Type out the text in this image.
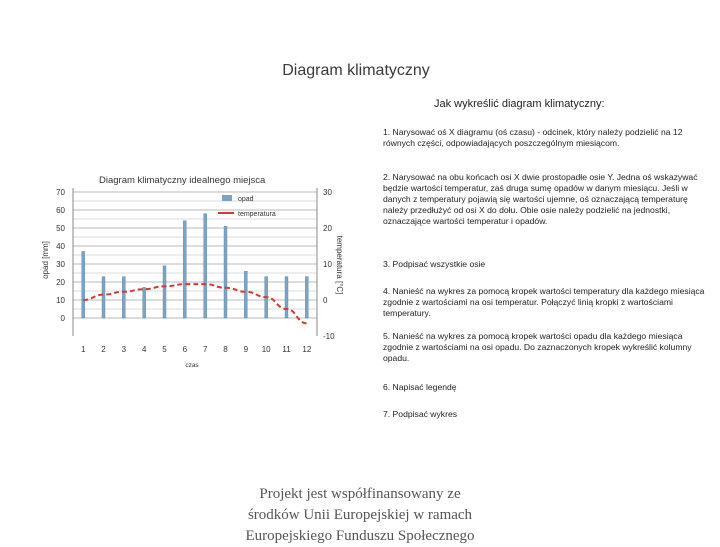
Diagram klimatyczny
Jak wykreślić diagram klimatyczny:
1. Narysować oś X diagramu (oś czasu) - odcinek, który należy podzielić na 12 równych części, odpowiadających poszczególnym miesiącom.
2. Narysować na obu końcach osi X dwie prostopadłe osie Y. Jedna oś wskazywać będzie wartości temperatur, zaś druga sumę opadów w danym miesiącu. Jeśli w danych z temperatury pojawią się wartości ujemne, oś oznaczającą temperaturę należy przedłużyć od osi X do dołu. Obie osie należy podzielić na jednostki, oznaczające wartości temperatur i opadów.
3. Podpisać wszystkie osie
4. Nanieść na wykres za pomocą kropek wartości temperatury dla każdego miesiąca zgodnie z wartościami na osi temperatur. Połączyć linią kropki z wartościami temperatury.
5. Nanieść na wykres za pomocą kropek wartości opadu dla każdego miesiąca zgodnie z wartościami na osi opadu. Do zaznaczonych kropek wykreślić kolumny opadu.
6. Napisać legendę
7. Podpisać wykres
Diagram klimatyczny idealnego miejsca
0
10
20
30
40
50
60
70
-10
0
10
20
30
1 2 3 4 5 6 7 8 9 10 11 12
opad
temperatura
opad [mm]	temperatura [°C]
czas
Projekt jest współfinansowany ze
środków Unii Europejskiej w ramach
Europejskiego Funduszu Społecznego
